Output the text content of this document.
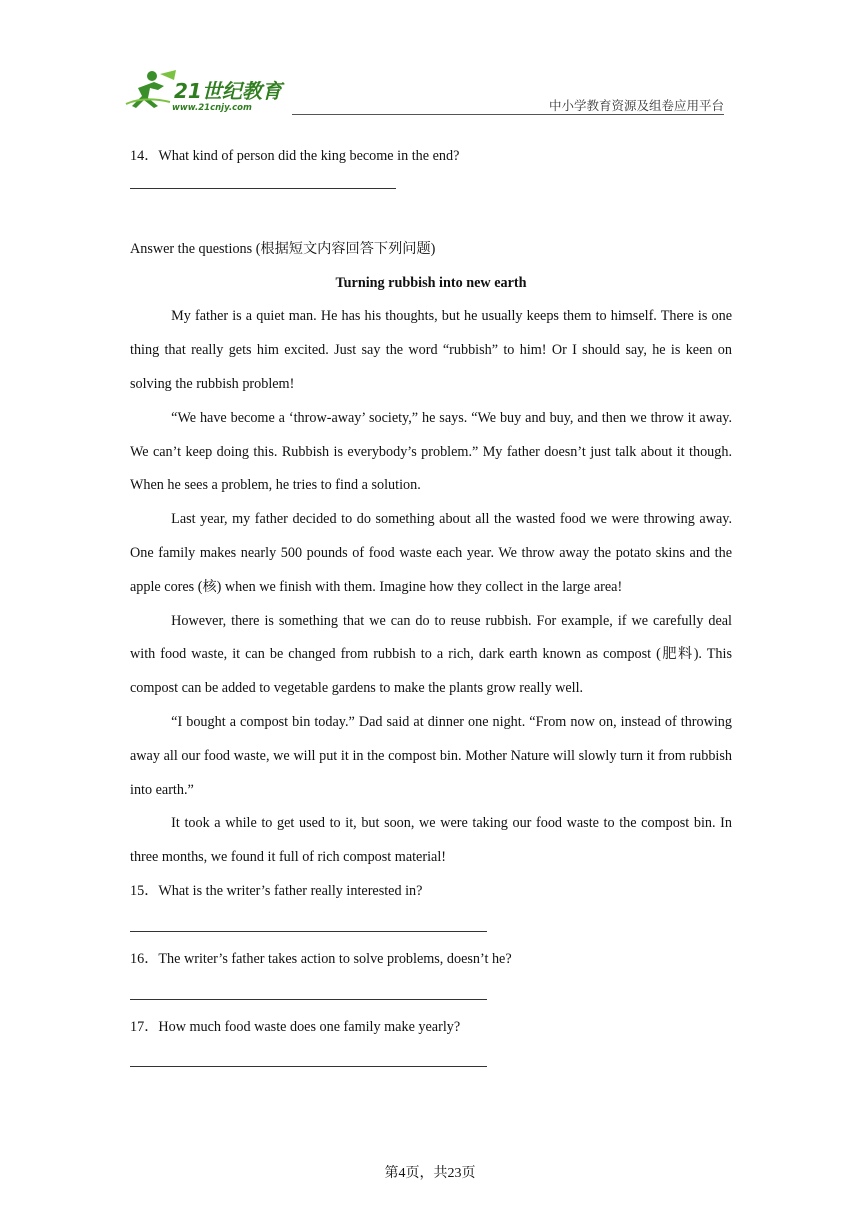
21世纪教育
www.21cnjy.com	中小学教育资源及组卷应用平台

14．What kind of person did the king become in the end?

Answer the questions (根据短文内容回答下列问题)

Turning rubbish into new earth

My father is a quiet man. He has his thoughts, but he usually keeps them to himself. There is one thing that really gets him excited. Just say the word “rubbish” to him! Or I should say, he is keen on solving the rubbish problem!

“We have become a ‘throw-away’ society,” he says. “We buy and buy, and then we throw it away. We can’t keep doing this. Rubbish is everybody’s problem.” My father doesn’t just talk about it though. When he sees a problem, he tries to find a solution.

Last year, my father decided to do something about all the wasted food we were throwing away. One family makes nearly 500 pounds of food waste each year. We throw away the potato skins and the apple cores (核) when we finish with them. Imagine how they collect in the large area!

However, there is something that we can do to reuse rubbish. For example, if we carefully deal with food waste, it can be changed from rubbish to a rich, dark earth known as compost (肥料). This compost can be added to vegetable gardens to make the plants grow really well.

“I bought a compost bin today.” Dad said at dinner one night. “From now on, instead of throwing away all our food waste, we will put it in the compost bin. Mother Nature will slowly turn it from rubbish into earth.”

It took a while to get used to it, but soon, we were taking our food waste to the compost bin. In three months, we found it full of rich compost material!

15．What is the writer’s father really interested in?

16．The writer’s father takes action to solve problems, doesn’t he?

17．How much food waste does one family make yearly?

第4页，共23页
